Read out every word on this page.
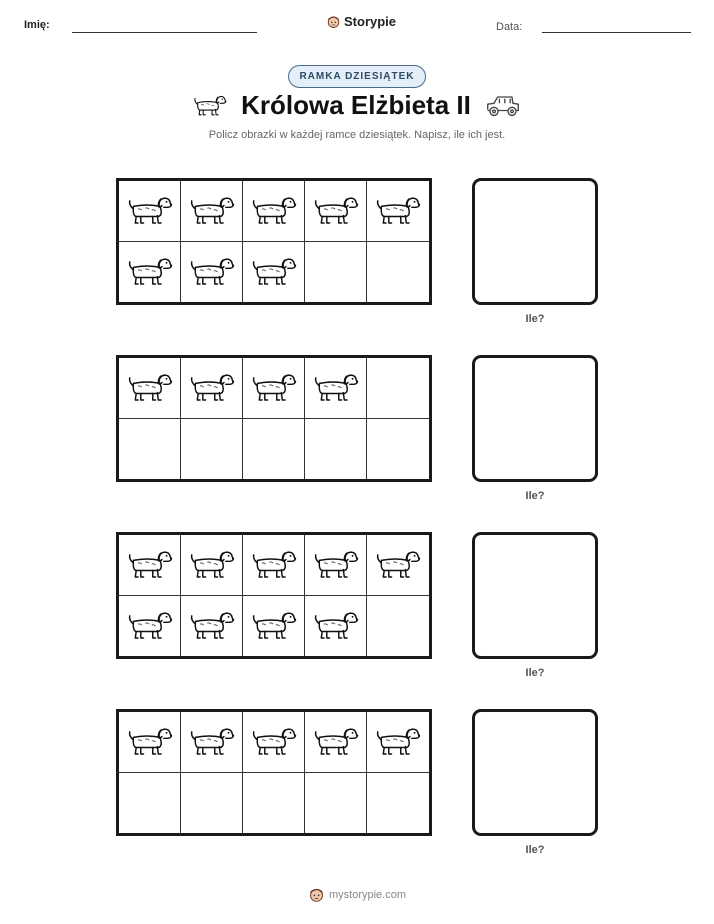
Imię:	Storypie	Data:
RAMKA DZIESIĄTEK
Królowa Elżbieta II
Policz obrazki w każdej ramce dziesiątek. Napisz, ile ich jest.
Ile?
Ile?
Ile?
Ile?
mystorypie.com
